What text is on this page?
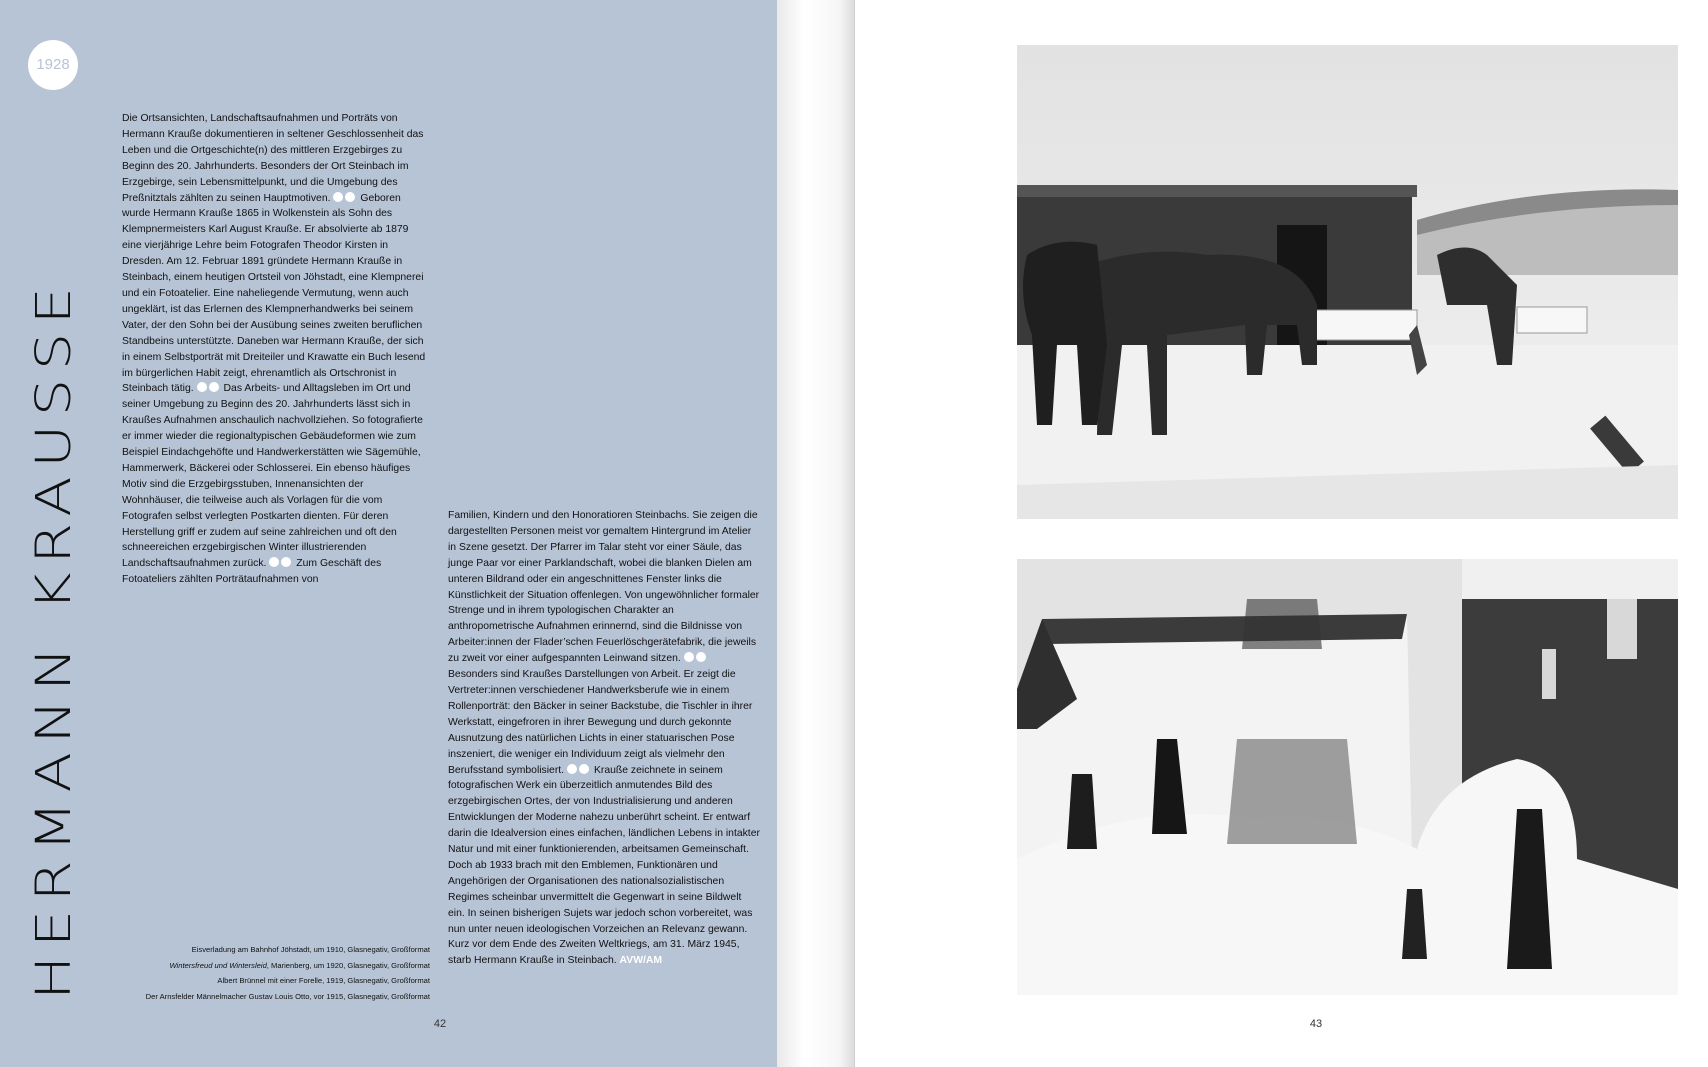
1928
HERMANN KRAUSSE
Die Ortsansichten, Landschaftsaufnahmen und Porträts von Hermann Krauße dokumentieren in seltener Geschlossenheit das Leben und die Ortgeschichte(n) des mittleren Erzgebirges zu Beginn des 20. Jahrhunderts. Besonders der Ort Steinbach im Erzgebirge, sein Lebensmittelpunkt, und die Umgebung des Preßnitztals zählten zu seinen Hauptmotiven.	Geboren wurde Hermann Krauße 1865 in Wolkenstein als Sohn des Klempnermeisters Karl August Krauße. Er absolvierte ab 1879 eine vierjährige Lehre beim Fotografen Theodor Kirsten in Dresden. Am 12. Februar 1891 gründete Hermann Krauße in Steinbach, einem heutigen Ortsteil von Jöhstadt, eine Klempnerei und ein Fotoatelier. Eine naheliegende Vermutung, wenn auch ungeklärt, ist das Erlernen des Klempnerhandwerks bei seinem Vater, der den Sohn bei der Ausübung seines zweiten beruflichen Standbeins unterstützte. Daneben war Hermann Krauße, der sich in einem Selbstporträt mit Dreiteiler und Krawatte ein Buch lesend im bürgerlichen Habit zeigt, ehrenamtlich als Ortschronist in Steinbach tätig.	Das Arbeits- und Alltagsleben im Ort und seiner Umgebung zu Beginn des 20. Jahrhunderts lässt sich in Kraußes Aufnahmen anschaulich nachvollziehen. So fotografierte er immer wieder die regionaltypischen Gebäudeformen wie zum Beispiel Eindachgehöfte und Handwerkerstätten wie Sägemühle, Hammerwerk, Bäckerei oder Schlosserei. Ein ebenso häufiges Motiv sind die Erzgebirgsstuben, Innenansichten der Wohnhäuser, die teilweise auch als Vorlagen für die vom Fotografen selbst verlegten Postkarten dienten. Für deren Herstellung griff er zudem auf seine zahlreichen und oft den schneereichen erzgebirgischen Winter illustrierenden Landschaftsaufnahmen zurück.	Zum Geschäft des Fotoateliers zählten Porträtaufnahmen von
Familien, Kindern und den Honoratioren Steinbachs. Sie zeigen die dargestellten Personen meist vor gemaltem Hintergrund im Atelier in Szene gesetzt. Der Pfarrer im Talar steht vor einer Säule, das junge Paar vor einer Parklandschaft, wobei die blanken Dielen am unteren Bildrand oder ein angeschnittenes Fenster links die Künstlichkeit der Situation offenlegen. Von ungewöhnlicher formaler Strenge und in ihrem typologischen Charakter an anthropometrische Aufnahmen erinnernd, sind die Bildnisse von Arbeiter:innen der Flader’schen Feuerlöschgerätefabrik, die jeweils zu zweit vor einer aufgespannten Leinwand sitzen. Besonders sind Kraußes Darstellungen von Arbeit. Er zeigt die Vertreter:innen verschiedener Handwerksberufe wie in einem Rollenporträt: den Bäcker in seiner Backstube, die Tischler in ihrer Werkstatt, eingefroren in ihrer Bewegung und durch gekonnte Ausnutzung des natürlichen Lichts in einer statuarischen Pose inszeniert, die weniger ein Individuum zeigt als vielmehr den Berufsstand symbolisiert.	Krauße zeichnete in seinem fotografischen Werk ein überzeitlich anmutendes Bild des erzgebirgischen Ortes, der von Industrialisierung und anderen Entwicklungen der Moderne nahezu unberührt scheint. Er entwarf darin die Idealversion eines einfachen, ländlichen Lebens in intakter Natur und mit einer funktionierenden, arbeitsamen Gemeinschaft. Doch ab 1933 brach mit den Emblemen, Funktionären und Angehörigen der Organisationen des nationalsozialistischen Regimes scheinbar unvermittelt die Gegenwart in seine Bildwelt ein. In seinen bisherigen Sujets war jedoch schon vorbereitet, was nun unter neuen ideologischen Vorzeichen an Relevanz gewann. Kurz vor dem Ende des Zweiten Weltkriegs, am 31. März 1945, starb Hermann Krauße in Steinbach. AVW/AM
Eisverladung am Bahnhof Jöhstadt, um 1910, Glasnegativ, Großformat
Wintersfreud und Wintersleid, Marienberg, um 1920, Glasnegativ, Großformat
Albert Brünnel mit einer Forelle, 1919, Glasnegativ, Großformat
Der Arnsfelder Männelmacher Gustav Louis Otto, vor 1915, Glasnegativ, Großformat
42	43
